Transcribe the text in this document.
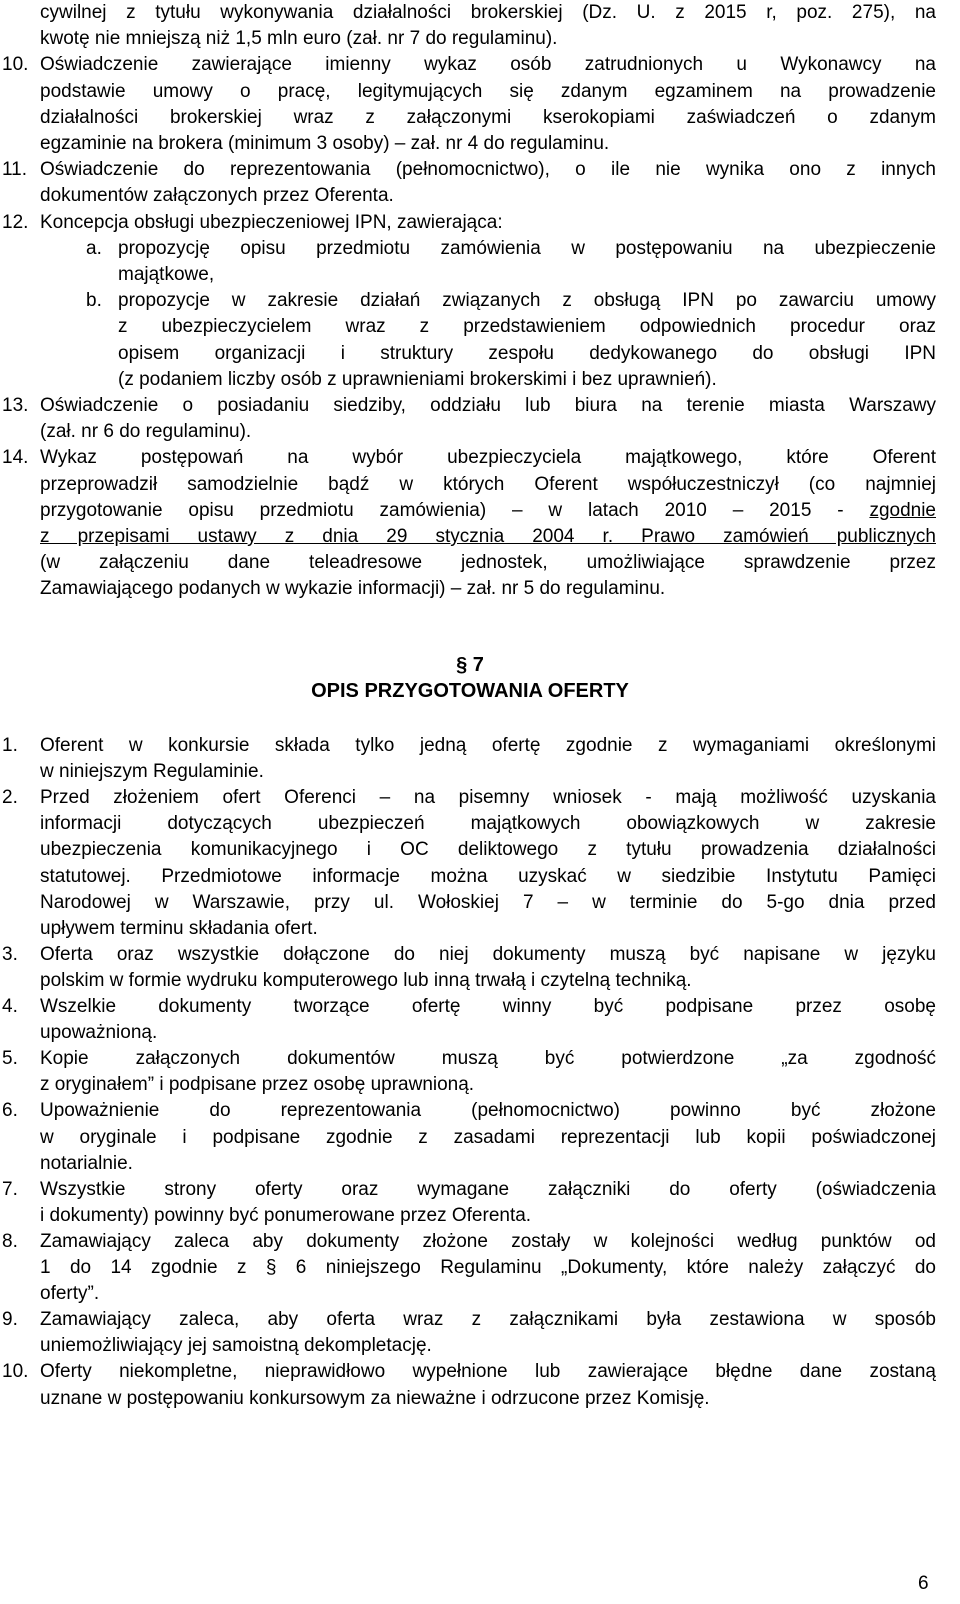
cywilnej z tytułu wykonywania działalności brokerskiej (Dz. U. z 2015 r, poz. 275), na
kwotę nie mniejszą niż 1,5 mln euro (zał. nr 7 do regulaminu).
10. Oświadczenie zawierające imienny wykaz osób zatrudnionych u Wykonawcy na
podstawie umowy o pracę, legitymujących się zdanym egzaminem na prowadzenie
działalności brokerskiej wraz z załączonymi kserokopiami zaświadczeń o zdanym
egzaminie na brokera (minimum 3 osoby) – zał. nr 4 do regulaminu.
11. Oświadczenie do reprezentowania (pełnomocnictwo), o ile nie wynika ono z innych
dokumentów załączonych przez Oferenta.
12. Koncepcja obsługi ubezpieczeniowej IPN, zawierająca:
a. propozycję opisu przedmiotu zamówienia w postępowaniu na ubezpieczenie
majątkowe,
b. propozycje w zakresie działań związanych z obsługą IPN po zawarciu umowy
z ubezpieczycielem wraz z przedstawieniem odpowiednich procedur oraz
opisem organizacji i struktury zespołu dedykowanego do obsługi IPN
(z podaniem liczby osób z uprawnieniami brokerskimi i bez uprawnień).
13. Oświadczenie o posiadaniu siedziby, oddziału lub biura na terenie miasta Warszawy
(zał. nr 6 do regulaminu).
14. Wykaz postępowań na wybór ubezpieczyciela majątkowego, które Oferent
przeprowadził samodzielnie bądź w których Oferent współuczestniczył (co najmniej
przygotowanie opisu przedmiotu zamówienia) – w latach 2010 – 2015 - zgodnie
z przepisami ustawy z dnia 29 stycznia 2004 r. Prawo zamówień publicznych
(w załączeniu dane teleadresowe jednostek, umożliwiające sprawdzenie przez
Zamawiającego podanych w wykazie informacji) – zał. nr 5 do regulaminu.
§ 7
OPIS PRZYGOTOWANIA OFERTY
1. Oferent w konkursie składa tylko jedną ofertę zgodnie z wymaganiami określonymi
w niniejszym Regulaminie.
2. Przed złożeniem ofert Oferenci – na pisemny wniosek - mają możliwość uzyskania
informacji dotyczących ubezpieczeń majątkowych obowiązkowych w zakresie
ubezpieczenia komunikacyjnego i OC deliktowego z tytułu prowadzenia działalności
statutowej. Przedmiotowe informacje można uzyskać w siedzibie Instytutu Pamięci
Narodowej w Warszawie, przy ul. Wołoskiej 7 – w terminie do 5-go dnia przed
upływem terminu składania ofert.
3. Oferta oraz wszystkie dołączone do niej dokumenty muszą być napisane w języku
polskim w formie wydruku komputerowego lub inną trwałą i czytelną techniką.
4. Wszelkie dokumenty tworzące ofertę winny być podpisane przez osobę
upoważnioną.
5. Kopie załączonych dokumentów muszą być potwierdzone „za zgodność
z oryginałem” i podpisane przez osobę uprawnioną.
6. Upoważnienie do reprezentowania (pełnomocnictwo) powinno być złożone
w oryginale i podpisane zgodnie z zasadami reprezentacji lub kopii poświadczonej
notarialnie.
7. Wszystkie strony oferty oraz wymagane załączniki do oferty (oświadczenia
i dokumenty) powinny być ponumerowane przez Oferenta.
8. Zamawiający zaleca aby dokumenty złożone zostały w kolejności według punktów od
1 do 14 zgodnie z § 6 niniejszego Regulaminu „Dokumenty, które należy załączyć do
oferty”.
9. Zamawiający zaleca, aby oferta wraz z załącznikami była zestawiona w sposób
uniemożliwiający jej samoistną dekompletację.
10. Oferty niekompletne, nieprawidłowo wypełnione lub zawierające błędne dane zostaną
uznane w postępowaniu konkursowym za nieważne i odrzucone przez Komisję.
6
